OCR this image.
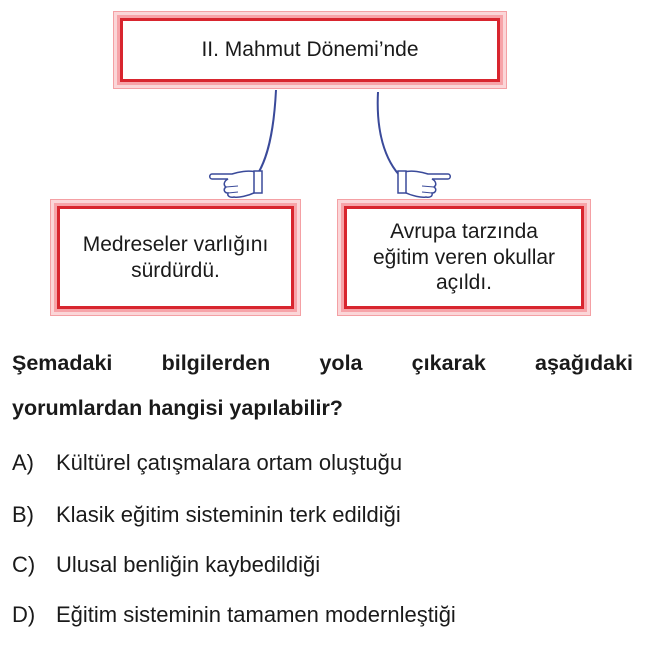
II. Mahmut Dönemi’nde
Medreseler varlığını
sürdürdü.
Avrupa tarzında
eğitim veren okullar
açıldı.
Şemadaki bilgilerden yola çıkarak aşağıdaki
yorumlardan hangisi yapılabilir?
A) Kültürel çatışmalara ortam oluştuğu
B) Klasik eğitim sisteminin terk edildiği
C) Ulusal benliğin kaybedildiği
D) Eğitim sisteminin tamamen modernleştiği
